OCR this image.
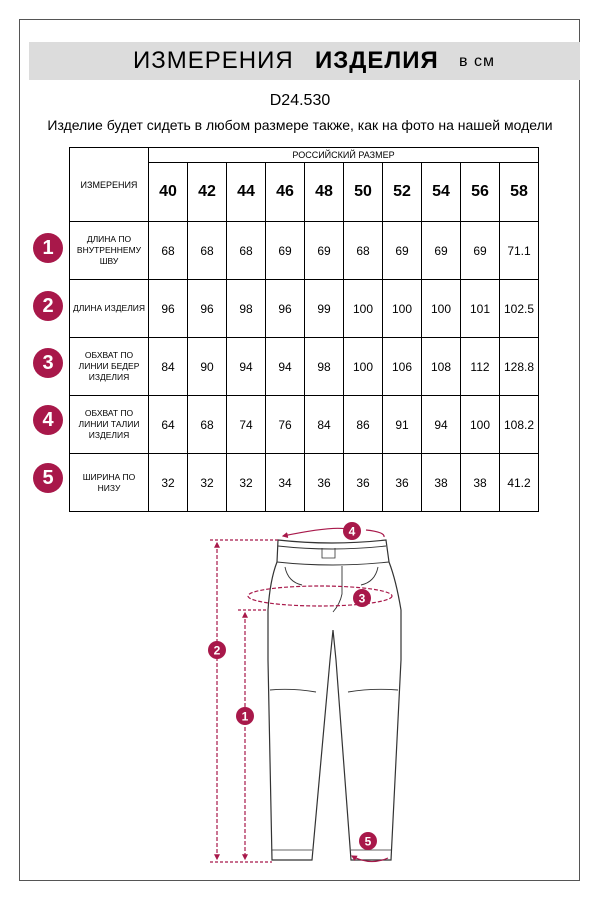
ИЗМЕРЕНИЯ ИЗДЕЛИЯ в см
D24.530
Изделие будет сидеть в любом размере также, как на фото на нашей модели
ИЗМЕРЕНИЯ	РОССИЙСКИЙ РАЗМЕР									
	40	42	44	46	48	50	52	54	56	58
ДЛИНА ПО ВНУТРЕННЕМУ ШВУ	68	68	68	69	69	68	69	69	69	71.1
ДЛИНА ИЗДЕЛИЯ	96	96	98	96	99	100	100	100	101	102.5
ОБХВАТ ПО ЛИНИИ БЕДЕР ИЗДЕЛИЯ	84	90	94	94	98	100	106	108	112	128.8
ОБХВАТ ПО ЛИНИИ ТАЛИИ ИЗДЕЛИЯ	64	68	74	76	84	86	91	94	100	108.2
ШИРИНА ПО НИЗУ	32	32	32	34	36	36	36	38	38	41.2
1
2
3
4
5
2
1
3
4
5
